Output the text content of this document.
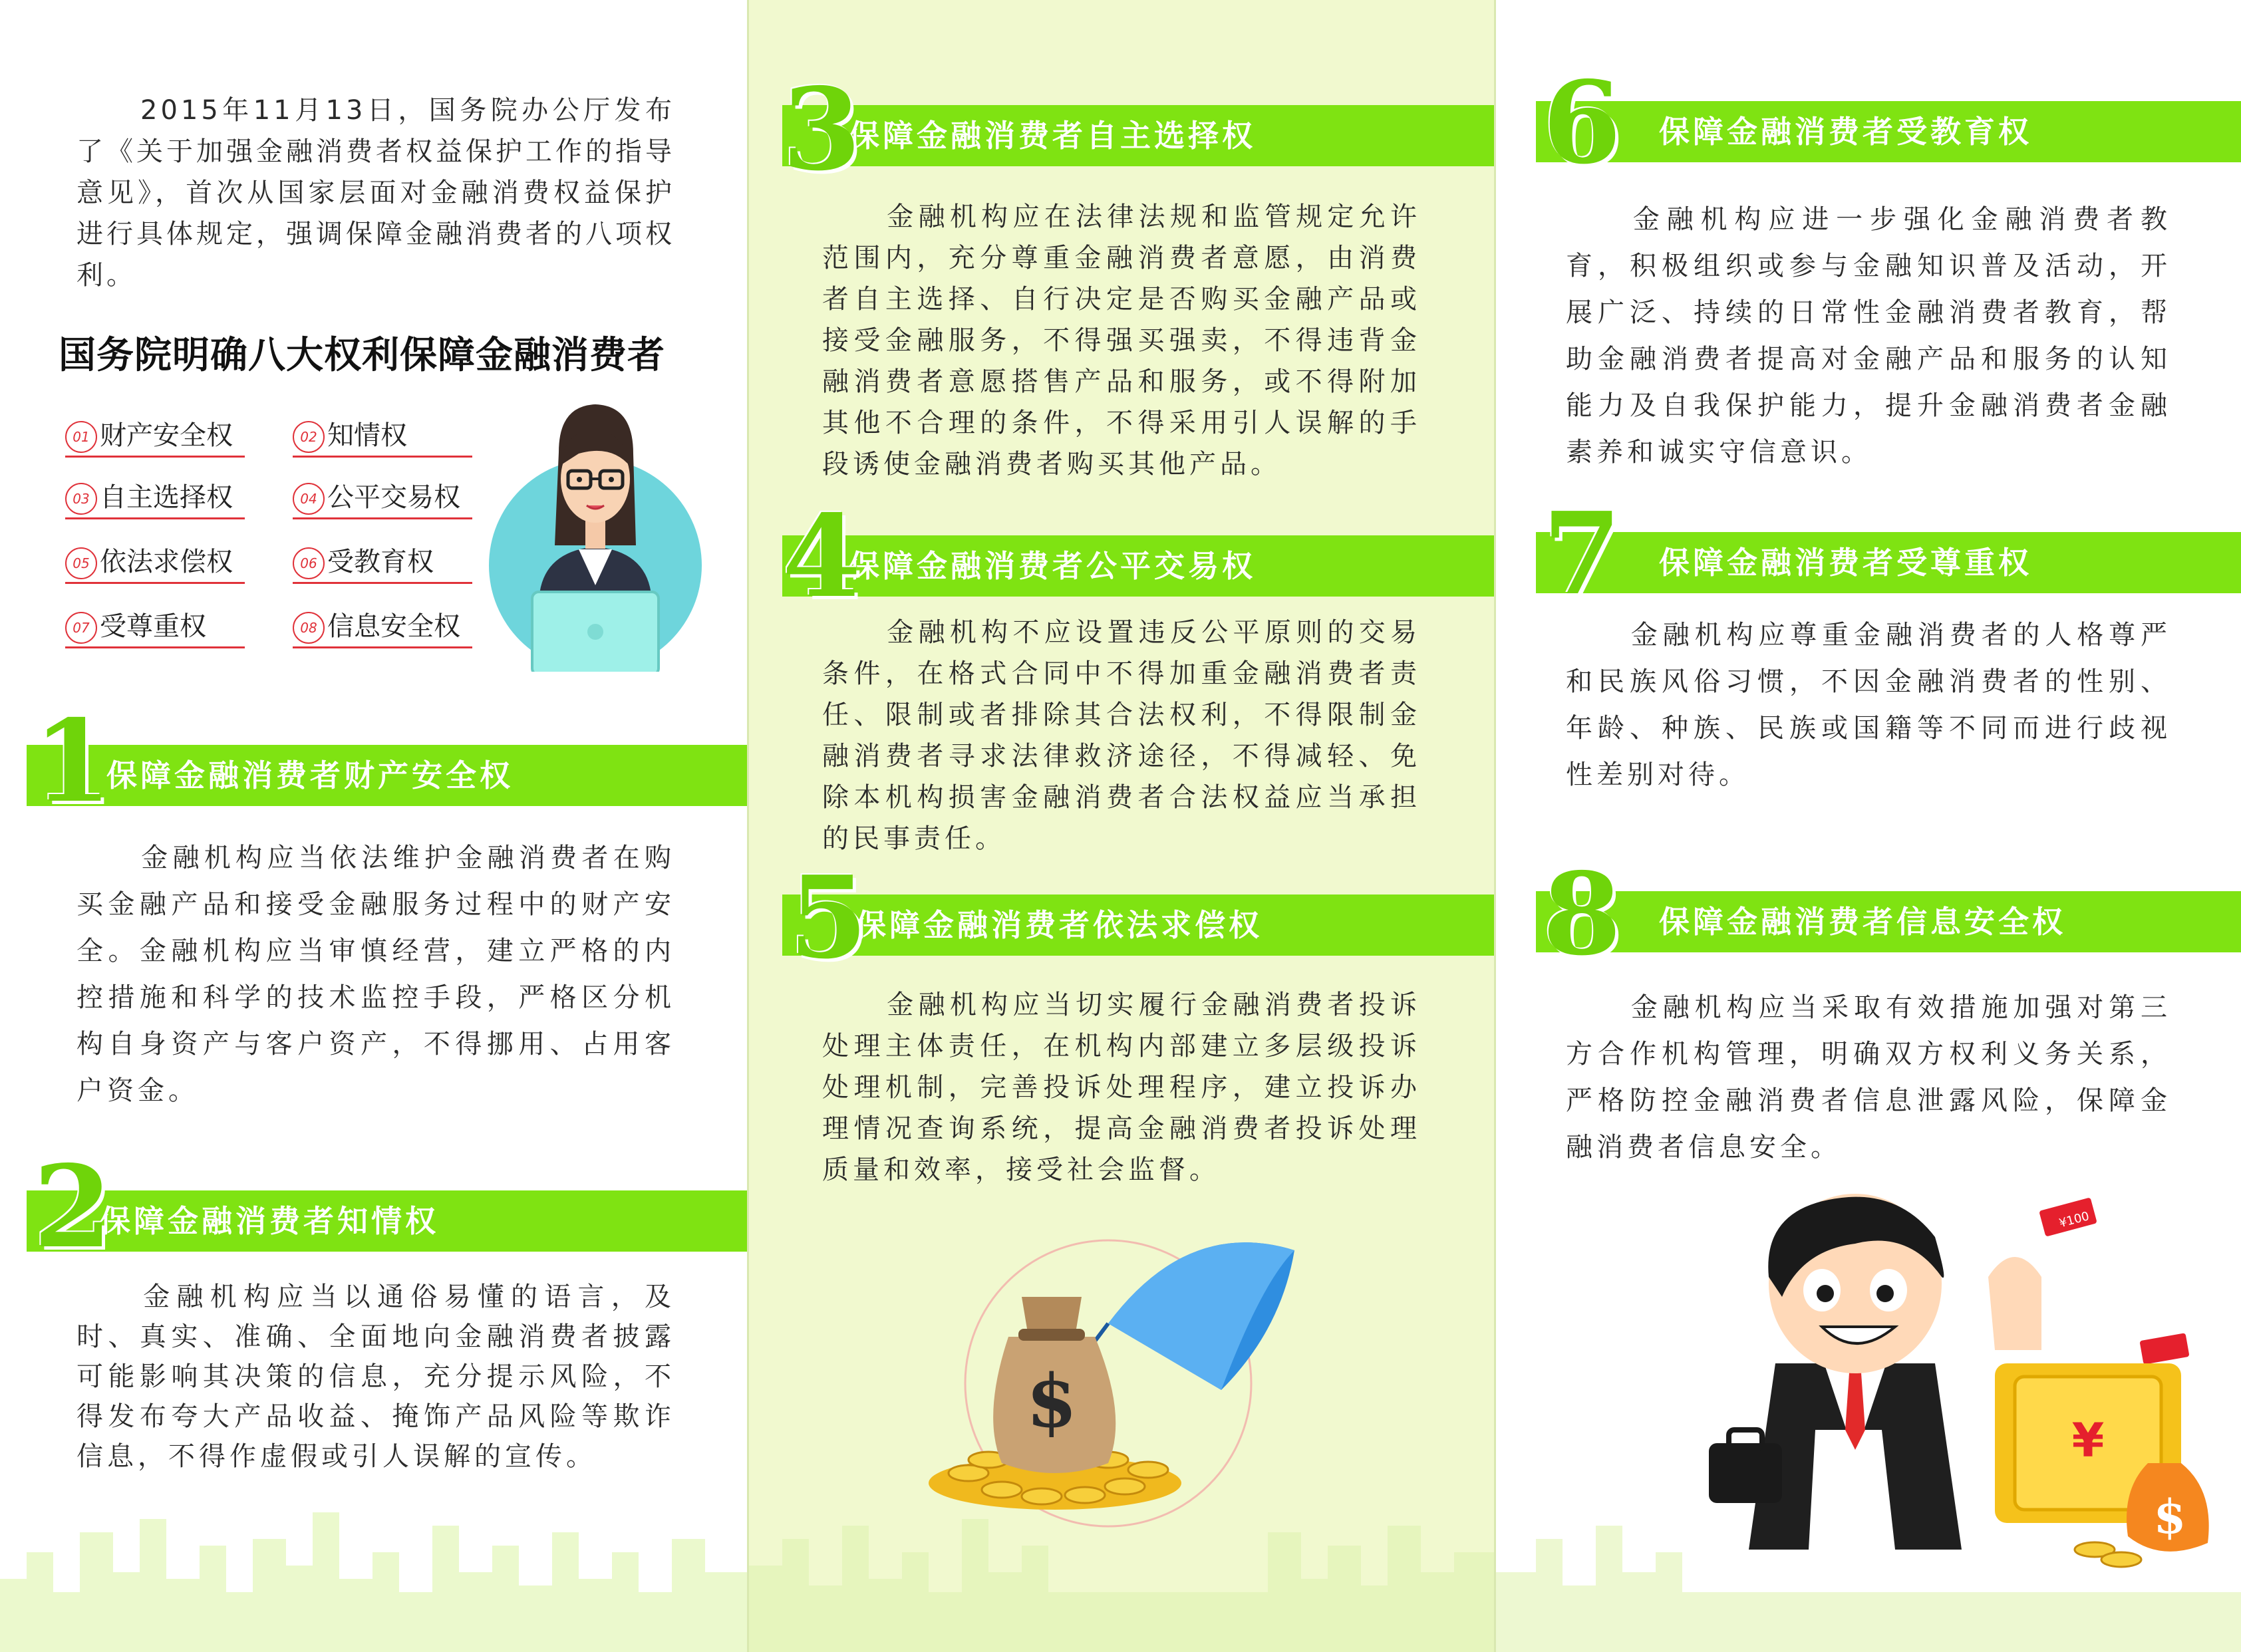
2015年11月13日，国务院办公厅发布了《关于加强金融消费者权益保护工作的指导意见》，首次从国家层面对金融消费权益保护进行具体规定，强调保障金融消费者的八项权利。

国务院明确八大权利保障金融消费者
01 财产安全权	02 知情权
03 自主选择权	04 公平交易权
05 依法求偿权	06 受教育权
07 受尊重权	08 信息安全权
保障金融消费者财产安全权
1

金融机构应当依法维护金融消费者在购买金融产品和接受金融服务过程中的财产安全。金融机构应当审慎经营，建立严格的内控措施和科学的技术监控手段，严格区分机构自身资产与客户资产，不得挪用、占用客户资金。

保障金融消费者知情权
2

金融机构应当以通俗易懂的语言，及时、真实、准确、全面地向金融消费者披露可能影响其决策的信息，充分提示风险，不得发布夸大产品收益、掩饰产品风险等欺诈信息，不得作虚假或引人误解的宣传。

保障金融消费者自主选择权
3

金融机构应在法律法规和监管规定允许范围内，充分尊重金融消费者意愿，由消费者自主选择、自行决定是否购买金融产品或接受金融服务，不得强买强卖，不得违背金融消费者意愿搭售产品和服务，或不得附加其他不合理的条件，不得采用引人误解的手段诱使金融消费者购买其他产品。

保障金融消费者公平交易权
4

金融机构不应设置违反公平原则的交易条件，在格式合同中不得加重金融消费者责任、限制或者排除其合法权利，不得限制金融消费者寻求法律救济途径，不得减轻、免除本机构损害金融消费者合法权益应当承担的民事责任。

保障金融消费者依法求偿权
5

金融机构应当切实履行金融消费者投诉处理主体责任，在机构内部建立多层级投诉处理机制，完善投诉处理程序，建立投诉办理情况查询系统，提高金融消费者投诉处理质量和效率，接受社会监督。

$
保障金融消费者受教育权
6

金融机构应进一步强化金融消费者教育，积极组织或参与金融知识普及活动，开展广泛、持续的日常性金融消费者教育，帮助金融消费者提高对金融产品和服务的认知能力及自我保护能力，提升金融消费者金融素养和诚实守信意识。

保障金融消费者受尊重权
7

金融机构应尊重金融消费者的人格尊严和民族风俗习惯，不因金融消费者的性别、年龄、种族、民族或国籍等不同而进行歧视性差别对待。

保障金融消费者信息安全权
8

金融机构应当采取有效措施加强对第三方合作机构管理，明确双方权利义务关系，严格防控金融消费者信息泄露风险，保障金融消费者信息安全。

¥100
¥
$
